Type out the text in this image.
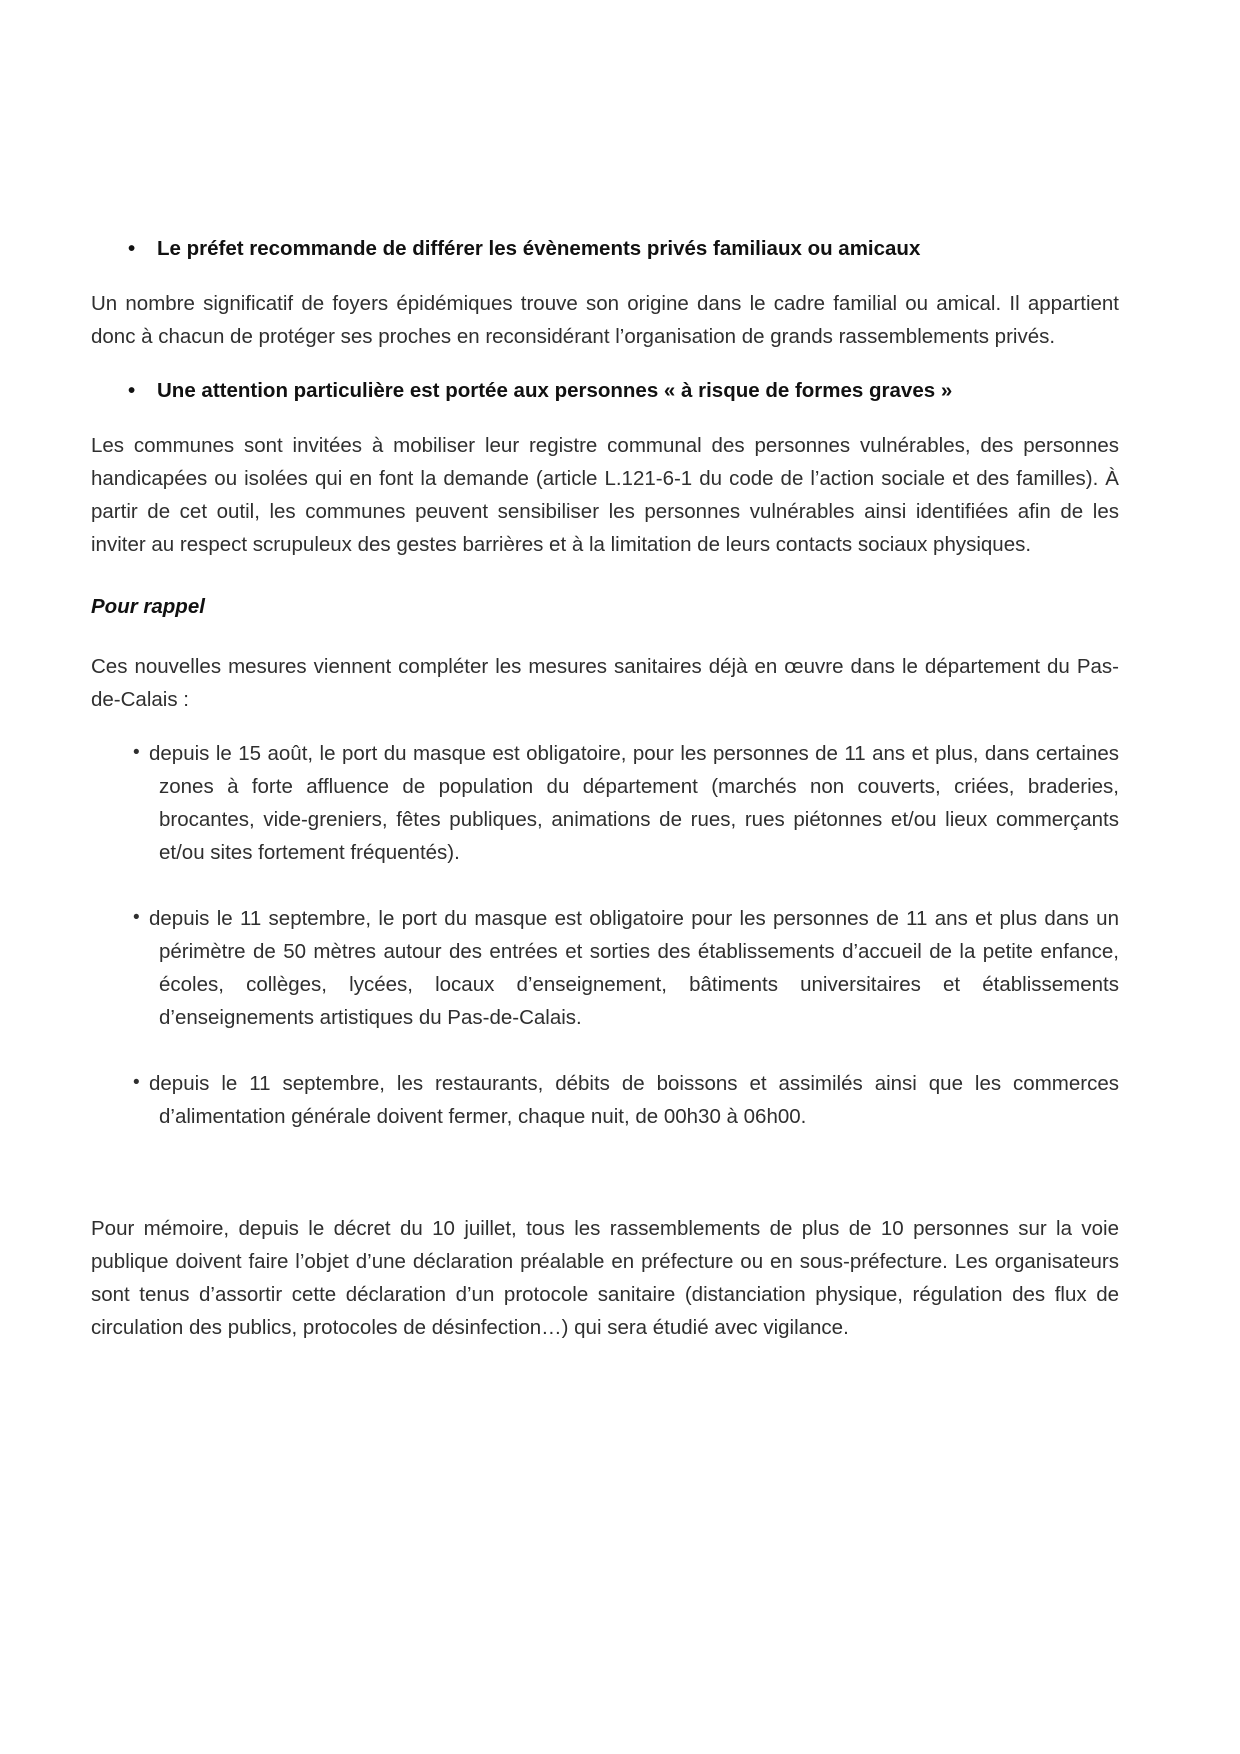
• Le préfet recommande de différer les évènements privés familiaux ou amicaux

Un nombre significatif de foyers épidémiques trouve son origine dans le cadre familial ou amical. Il appartient donc à chacun de protéger ses proches en reconsidérant l’organisation de grands rassemblements privés.

• Une attention particulière est portée aux personnes « à risque de formes graves »

Les communes sont invitées à mobiliser leur registre communal des personnes vulnérables, des personnes handicapées ou isolées qui en font la demande (article L.121-6-1 du code de l’action sociale et des familles). À partir de cet outil, les communes peuvent sensibiliser les personnes vulnérables ainsi identifiées afin de les inviter au respect scrupuleux des gestes barrières et à la limitation de leurs contacts sociaux physiques.

Pour rappel

Ces nouvelles mesures viennent compléter les mesures sanitaires déjà en œuvre dans le département du Pas-de-Calais :

• depuis le 15 août, le port du masque est obligatoire, pour les personnes de 11 ans et plus, dans certaines zones à forte affluence de population du département (marchés non couverts, criées, braderies, brocantes, vide-greniers, fêtes publiques, animations de rues, rues piétonnes et/ou lieux commerçants et/ou sites fortement fréquentés).
• depuis le 11 septembre, le port du masque est obligatoire pour les personnes de 11 ans et plus dans un périmètre de 50 mètres autour des entrées et sorties des établissements d’accueil de la petite enfance, écoles, collèges, lycées, locaux d’enseignement, bâtiments universitaires et établissements d’enseignements artistiques du Pas-de-Calais.
• depuis le 11 septembre, les restaurants, débits de boissons et assimilés ainsi que les commerces d’alimentation générale doivent fermer, chaque nuit, de 00h30 à 06h00.

Pour mémoire, depuis le décret du 10 juillet, tous les rassemblements de plus de 10 personnes sur la voie publique doivent faire l’objet d’une déclaration préalable en préfecture ou en sous-préfecture. Les organisateurs sont tenus d’assortir cette déclaration d’un protocole sanitaire (distanciation physique, régulation des flux de circulation des publics, protocoles de désinfection…) qui sera étudié avec vigilance.
